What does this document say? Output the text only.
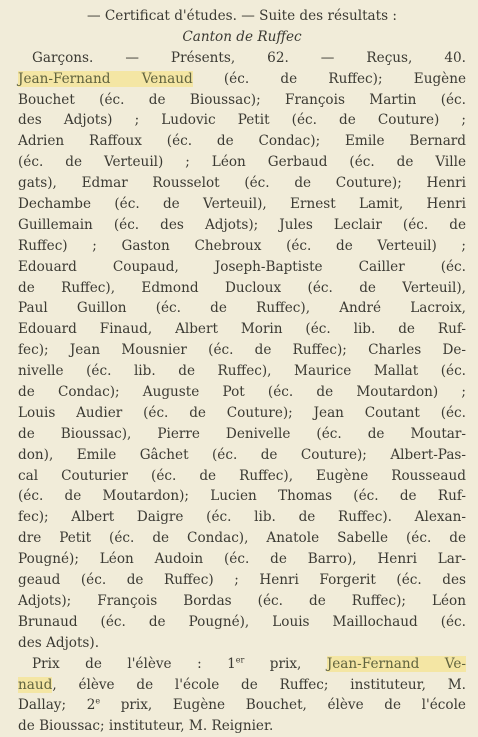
— Certificat d'études. — Suite des résultats :
Canton de Ruffec
Garçons. — Présents, 62. — Reçus, 40.
Jean-Fernand Venaud (éc. de Ruffec); Eugène
Bouchet (éc. de Bioussac); François Martin (éc.
des Adjots) ; Ludovic Petit (éc. de Couture) ;
Adrien Raffoux (éc. de Condac); Emile Bernard
(éc. de Verteuil) ; Léon Gerbaud (éc. de Ville
gats), Edmar Rousselot (éc. de Couture); Henri
Dechambe (éc. de Verteuil), Ernest Lamit, Henri
Guillemain (éc. des Adjots); Jules Leclair (éc. de
Ruffec) ; Gaston Chebroux (éc. de Verteuil) ;
Edouard Coupaud, Joseph-Baptiste Cailler (éc.
de Ruffec), Edmond Ducloux (éc. de Verteuil),
Paul Guillon (éc. de Ruffec), André Lacroix,
Edouard Finaud, Albert Morin (éc. lib. de Ruf-
fec); Jean Mousnier (éc. de Ruffec); Charles De-
nivelle (éc. lib. de Ruffec), Maurice Mallat (éc.
de Condac); Auguste Pot (éc. de Moutardon) ;
Louis Audier (éc. de Couture); Jean Coutant (éc.
de Bioussac), Pierre Denivelle (éc. de Moutar-
don), Emile Gâchet (éc. de Couture); Albert-Pas-
cal Couturier (éc. de Ruffec), Eugène Rousseaud
(éc. de Moutardon); Lucien Thomas (éc. de Ruf-
fec); Albert Daigre (éc. lib. de Ruffec). Alexan-
dre Petit (éc. de Condac), Anatole Sabelle (éc. de
Pougné); Léon Audoin (éc. de Barro), Henri Lar-
geaud (éc. de Ruffec) ; Henri Forgerit (éc. des
Adjots); François Bordas (éc. de Ruffec); Léon
Brunaud (éc. de Pougné), Louis Maillochaud (éc.
des Adjots).
Prix de l'élève : 1er prix, Jean-Fernand Ve-
naud, élève de l'école de Ruffec; instituteur, M.
Dallay; 2e prix, Eugène Bouchet, élève de l'école
de Bioussac; instituteur, M. Reignier.
